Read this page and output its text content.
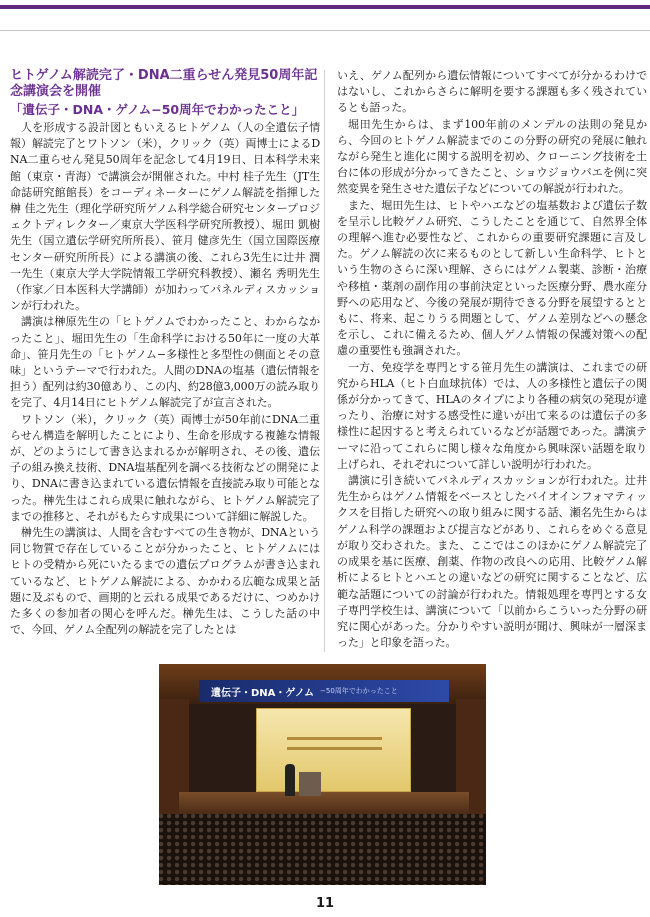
ヒトゲノム解読完了・DNA二重らせん発見50周年記念講演会を開催
「遺伝子・DNA・ゲノム−50周年でわかったこと」

人を形成する設計図ともいえるヒトゲノム（人の全遺伝子情報）解読完了とワトソン（米），クリック（英）両博士によるDNA二重らせん発見50周年を記念して4月19日、日本科学未来館（東京・青海）で講演会が開催された。中村 桂子先生（JT生命誌研究館館長）をコーディネーターにゲノム解読を指揮した榊 佳之先生（理化学研究所ゲノム科学総合研究センタープロジェクトディレクター／東京大学医科学研究所教授）、堀田 凱樹先生（国立遺伝学研究所所長）、笹月 健彦先生（国立国際医療センター研究所所長）による講演の後、これら3先生に辻井 潤一先生（東京大学大学院情報工学研究科教授）、瀬名 秀明先生（作家／日本医科大学講師）が加わってパネルディスカッションが行われた。

講演は榊原先生の「ヒトゲノムでわかったこと、わからなかったこと」、堀田先生の「生命科学における50年に一度の大革命」、笹月先生の「ヒトゲノム−多様性と多型性の側面とその意味」というテーマで行われた。人間のDNAの塩基（遺伝情報を担う）配列は約30億あり、この内、約28億3,000万の読み取りを完了、4月14日にヒトゲノム解読完了が宣言された。

ワトソン（米），クリック（英）両博士が50年前にDNA二重らせん構造を解明したことにより、生命を形成する複雑な情報が、どのようにして書き込まれるかが解明され、その後、遺伝子の組み換え技術、DNA塩基配列を調べる技術などの開発により、DNAに書き込まれている遺伝情報を直接読み取り可能となった。榊先生はこれら成果に触れながら、ヒトゲノム解読完了までの推移と、それがもたらす成果について詳細に解説した。

榊先生の講演は、人間を含むすべての生き物が、DNAという同じ物質で存在していることが分かったこと、ヒトゲノムにはヒトの受精から死にいたるまでの遺伝プログラムが書き込まれているなど、ヒトゲノム解読による、かかわる広範な成果と話題に及ぶもので、画期的と云れる成果であるだけに、つめかけた多くの参加者の関心を呼んだ。榊先生は、こうした話の中で、今回、ゲノム全配列の解読を完了したとは

いえ、ゲノム配列から遺伝情報についてすべてが分かるわけではないし、これからさらに解明を要する課題も多く残されているとも語った。

堀田先生からは、まず100年前のメンデルの法則の発見から、今回のヒトゲノム解読までのこの分野の研究の発展に触れながら発生と進化に関する説明を初め、クローニング技術を土台に体の形成が分かってきたこと、ショウジョウバエを例に突然変異を発生させた遺伝子などについての解説が行われた。

また、堀田先生は、ヒトやハエなどの塩基数および遺伝子数を呈示し比較ゲノム研究、こうしたことを通じて、自然界全体の理解へ進む必要性など、これからの重要研究課題に言及した。ゲノム解読の次に来るものとして新しい生命科学、ヒトという生物のさらに深い理解、さらにはゲノム製薬、診断・治療や移植・薬剤の副作用の事前決定といった医療分野、農水産分野への応用など、今後の発展が期待できる分野を展望するとともに、将来、起こりうる問題として、ゲノム差別などへの懸念を示し、これに備えるため、個人ゲノム情報の保護対策への配慮の重要性も強調された。

一方、免疫学を専門とする笹月先生の講演は、これまでの研究からHLA（ヒト白血球抗体）では、人の多様性と遺伝子の関係が分かってきて、HLAのタイプにより各種の病気の発現が違ったり、治療に対する感受性に違いが出て来るのは遺伝子の多様性に起因すると考えられているなどが話題であった。講演テーマに沿ってこれらに関し様々な角度から興味深い話題を取り上げられ、それぞれについて詳しい説明が行われた。

講演に引き続いてパネルディスカッションが行われた。辻井先生からはゲノム情報をベースとしたバイオインフォマティックスを目指した研究への取り組みに関する話、瀬名先生からはゲノム科学の課題および提言などがあり、これらをめぐる意見が取り交わされた。また、ここではこのほかにゲノム解読完了の成果を基に医療、創薬、作物の改良への応用、比較ゲノム解析によるヒトとハエとの違いなどの研究に関することなど、広範な話題についての討論が行われた。情報処理を専門とする女子専門学校生は、講演について「以前からこういった分野の研究に関心があった。分かりやすい説明が聞け、興味が一層深まった」と印象を語った。

遺伝子・DNA・ゲノム −50周年でわかったこと
11
